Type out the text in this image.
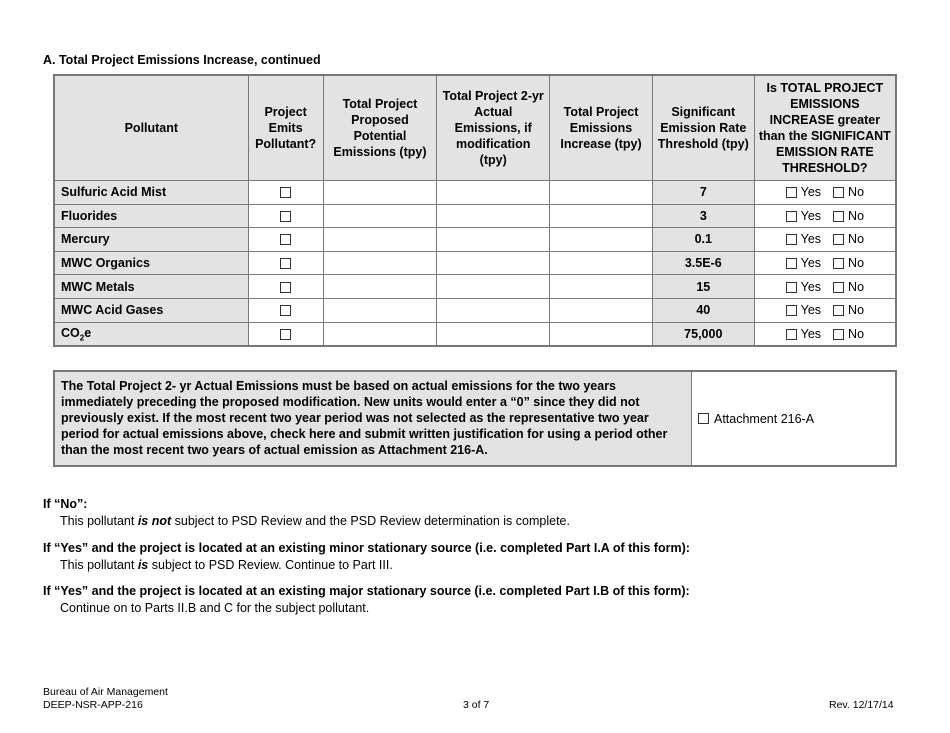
A. Total Project Emissions Increase, continued
Pollutant	Project Emits Pollutant?	Total Project Proposed Potential Emissions (tpy)	Total Project 2-yr Actual Emissions, if modification (tpy)	Total Project Emissions Increase (tpy)	Significant Emission Rate Threshold (tpy)	Is TOTAL PROJECT EMISSIONS INCREASE greater than the SIGNIFICANT EMISSION RATE THRESHOLD?
Sulfuric Acid Mist					7	Yes No
Fluorides					3	Yes No
Mercury					0.1	Yes No
MWC Organics					3.5E-6	Yes No
MWC Metals					15	Yes No
MWC Acid Gases					40	Yes No
$CO_2e$					75,000	Yes No
The Total Project 2- yr Actual Emissions must be based on actual emissions for the two years immediately preceding the proposed modification. New units would enter a “0” since they did not previously exist. If the most recent two year period was not selected as the representative two year period for actual emissions above, check here and submit written justification for using a period other than the most recent two years of actual emission as Attachment 216-A.
Attachment 216-A
If “No”:
This pollutant is not subject to PSD Review and the PSD Review determination is complete.
If “Yes” and the project is located at an existing minor stationary source (i.e. completed Part I.A of this form):
This pollutant is subject to PSD Review. Continue to Part III.
If “Yes” and the project is located at an existing major stationary source (i.e. completed Part I.B of this form):
Continue on to Parts II.B and C for the subject pollutant.
Bureau of Air Management
DEEP-NSR-APP-216	3 of 7	Rev. 12/17/14
